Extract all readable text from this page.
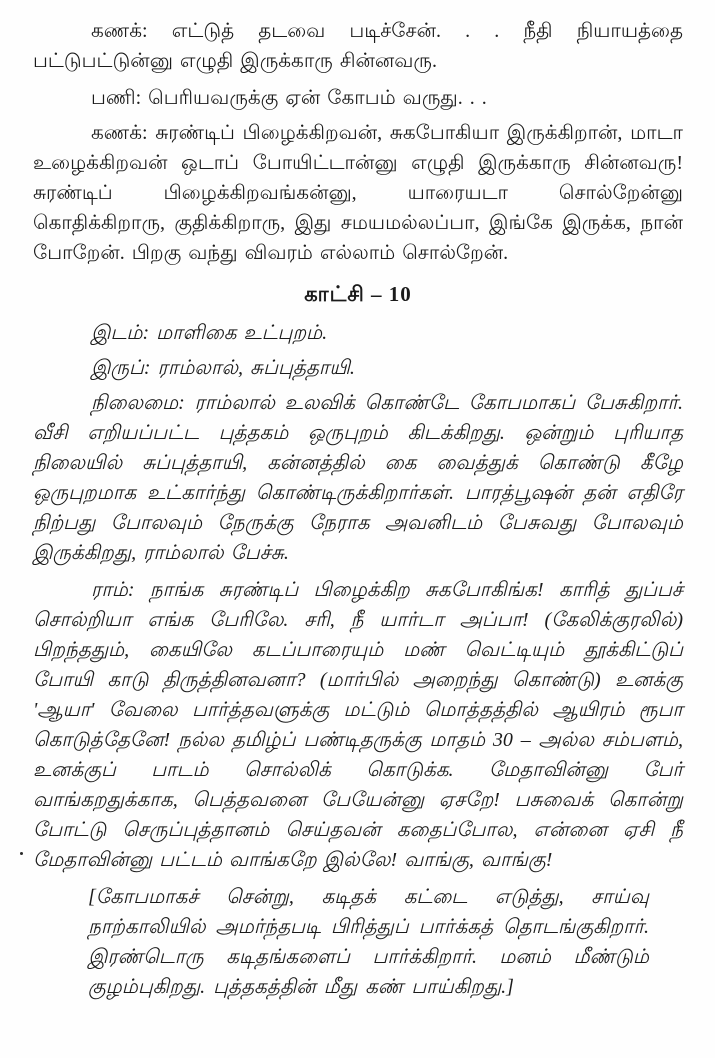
கணக்: எட்டுத் தடவை படிச்சேன். . . நீதி நியாயத்தை பட்டுபட்டுன்னு எழுதி இருக்காரு சின்னவரு.

பணி: பெரியவருக்கு ஏன் கோபம் வருது. . .

கணக்: சுரண்டிப் பிழைக்கிறவன், சுகபோகியா இருக்கிறான், மாடா உழைக்கிறவன் ஒடாப் போயிட்டான்னு எழுதி இருக்காரு சின்னவரு! சுரண்டிப் பிழைக்கிறவங்கன்னு, யாரையடா சொல்றேன்னு கொதிக்கிறாரு, குதிக்கிறாரு, இது சமயமல்லப்பா, இங்கே இருக்க, நான் போறேன். பிறகு வந்து விவரம் எல்லாம் சொல்றேன்.

காட்சி – 10

இடம்: மாளிகை உட்புறம்.

இருப்: ராம்லால், சுப்புத்தாயி.

நிலைமை: ராம்லால் உலவிக் கொண்டே கோபமாகப் பேசுகிறார். வீசி எறியப்பட்ட புத்தகம் ஒருபுறம் கிடக்கிறது. ஒன்றும் புரியாத நிலையில் சுப்புத்தாயி, கன்னத்தில் கை வைத்துக் கொண்டு கீழே ஒருபுறமாக உட்கார்ந்து கொண்டிருக்கிறார்கள். பாரத்பூஷன் தன் எதிரே நிற்பது போலவும் நேருக்கு நேராக அவனிடம் பேசுவது போலவும் இருக்கிறது, ராம்லால் பேச்சு.

ராம்: நாங்க சுரண்டிப் பிழைக்கிற சுகபோகிங்க! காரித் துப்பச் சொல்றியா எங்க பேரிலே. சரி, நீ யார்டா அப்பா! (கேலிக்குரலில்) பிறந்ததும், கையிலே கடப்பாரையும் மண் வெட்டியும் தூக்கிட்டுப் போயி காடு திருத்தினவனா? (மார்பில் அறைந்து கொண்டு) உனக்கு 'ஆயா' வேலை பார்த்தவளுக்கு மட்டும் மொத்தத்தில் ஆயிரம் ரூபா கொடுத்தேனே! நல்ல தமிழ்ப் பண்டிதருக்கு மாதம் 30 – அல்ல சம்பளம், உனக்குப் பாடம் சொல்லிக் கொடுக்க. மேதாவின்னு பேர் வாங்கறதுக்காக, பெத்தவனை பேயேன்னு ஏசறே! பசுவைக் கொன்று போட்டு செருப்புத்தானம் செய்தவன் கதைப்போல, என்னை ஏசி நீ மேதாவின்னு பட்டம் வாங்கறே இல்லே! வாங்கு, வாங்கு!

[கோபமாகச் சென்று, கடிதக் கட்டை எடுத்து, சாய்வு நாற்காலியில் அமர்ந்தபடி பிரித்துப் பார்க்கத் தொடங்குகிறார். இரண்டொரு கடிதங்களைப் பார்க்கிறார். மனம் மீண்டும் குழம்புகிறது. புத்தகத்தின் மீது கண் பாய்கிறது.]
